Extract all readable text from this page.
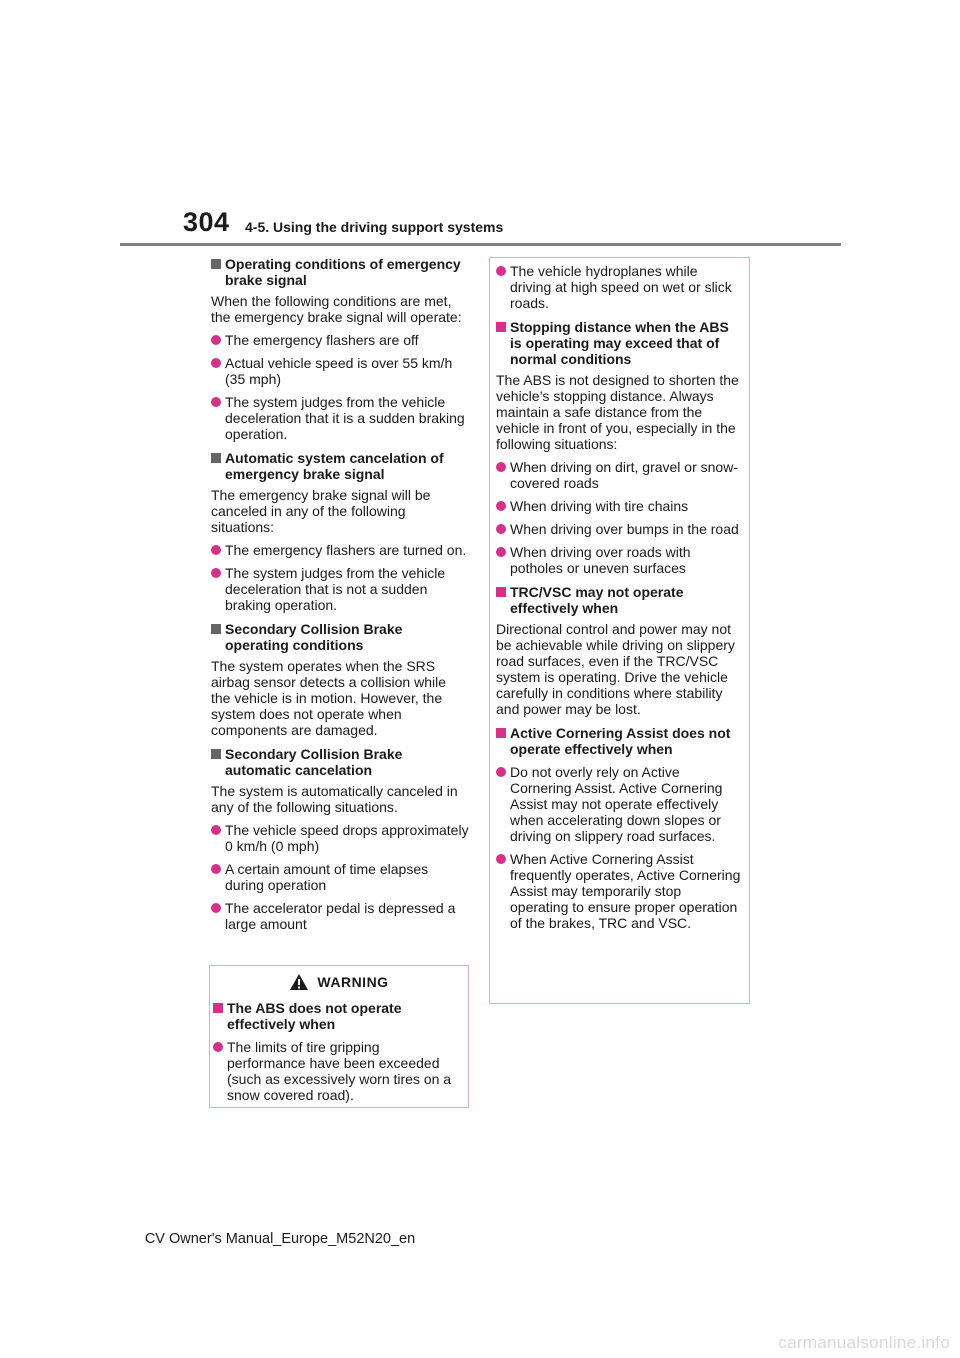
304 4-5. Using the driving support systems
Operating conditions of emergency brake signal
When the following conditions are met, the emergency brake signal will operate:
The emergency flashers are off
Actual vehicle speed is over 55 km/h (35 mph)
The system judges from the vehicle deceleration that it is a sudden braking operation.
Automatic system cancelation of emergency brake signal
The emergency brake signal will be canceled in any of the following situations:
The emergency flashers are turned on.
The system judges from the vehicle deceleration that is not a sudden braking operation.
Secondary Collision Brake operating conditions
The system operates when the SRS airbag sensor detects a collision while the vehicle is in motion. However, the system does not operate when components are damaged.
Secondary Collision Brake automatic cancelation
The system is automatically canceled in any of the following situations.
The vehicle speed drops approximately 0 km/h (0 mph)
A certain amount of time elapses during operation
The accelerator pedal is depressed a large amount
WARNING
The ABS does not operate effectively when
The limits of tire gripping performance have been exceeded (such as excessively worn tires on a snow covered road).
The vehicle hydroplanes while driving at high speed on wet or slick roads.
Stopping distance when the ABS is operating may exceed that of normal conditions
The ABS is not designed to shorten the vehicle’s stopping distance. Always maintain a safe distance from the vehicle in front of you, especially in the following situations:
When driving on dirt, gravel or snow-covered roads
When driving with tire chains
When driving over bumps in the road
When driving over roads with potholes or uneven surfaces
TRC/VSC may not operate effectively when
Directional control and power may not be achievable while driving on slippery road surfaces, even if the TRC/VSC system is operating. Drive the vehicle carefully in conditions where stability and power may be lost.
Active Cornering Assist does not operate effectively when
Do not overly rely on Active Cornering Assist. Active Cornering Assist may not operate effectively when accelerating down slopes or driving on slippery road surfaces.
When Active Cornering Assist frequently operates, Active Cornering Assist may temporarily stop operating to ensure proper operation of the brakes, TRC and VSC.
CV Owner's Manual_Europe_M52N20_en
carmanualsonline.info
